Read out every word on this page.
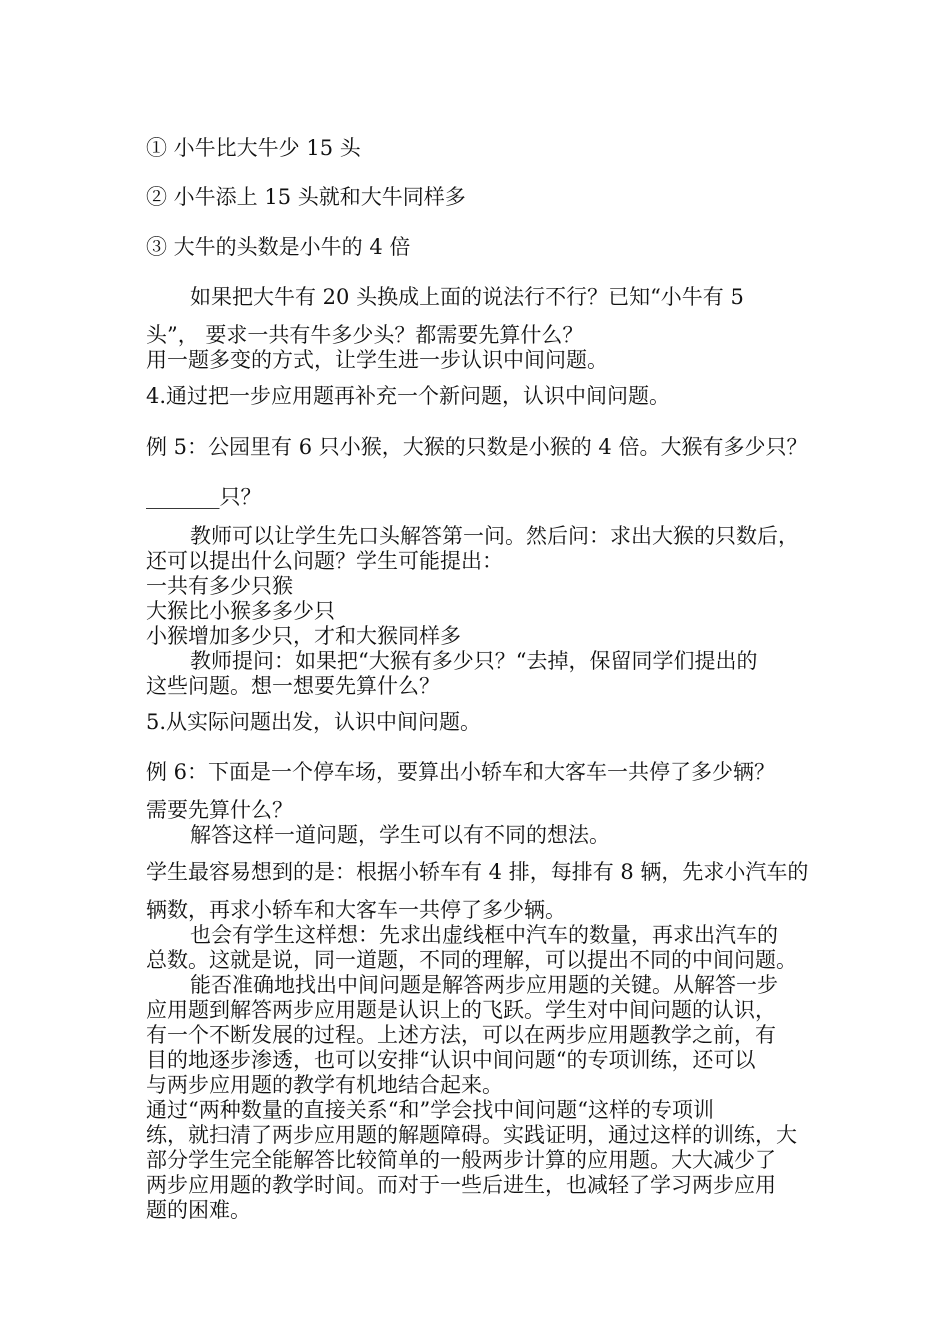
① 小牛比大牛少 15 头
② 小牛添上 15 头就和大牛同样多
③ 大牛的头数是小牛的 4 倍
如果把大牛有 20 头换成上面的说法行不行？已知“小牛有 5
头”， 要求一共有牛多少头？都需要先算什么？
用一题多变的方式，让学生进一步认识中间问题。
4.通过把一步应用题再补充一个新问题，认识中间问题。
例 5：公园里有 6 只小猴，大猴的只数是小猴的 4 倍。大猴有多少只？
_______只？
教师可以让学生先口头解答第一问。然后问：求出大猴的只数后，
还可以提出什么问题？学生可能提出：
一共有多少只猴
大猴比小猴多多少只
小猴增加多少只，才和大猴同样多
教师提问：如果把“大猴有多少只？“去掉，保留同学们提出的
这些问题。想一想要先算什么？
5.从实际问题出发，认识中间问题。
例 6：下面是一个停车场，要算出小轿车和大客车一共停了多少辆？
需要先算什么？
解答这样一道问题，学生可以有不同的想法。
学生最容易想到的是：根据小轿车有 4 排，每排有 8 辆，先求小汽车的
辆数，再求小轿车和大客车一共停了多少辆。
也会有学生这样想：先求出虚线框中汽车的数量，再求出汽车的
总数。这就是说，同一道题，不同的理解，可以提出不同的中间问题。
能否准确地找出中间问题是解答两步应用题的关键。从解答一步
应用题到解答两步应用题是认识上的飞跃。学生对中间问题的认识，
有一个不断发展的过程。上述方法，可以在两步应用题教学之前，有
目的地逐步渗透，也可以安排“认识中间问题“的专项训练，还可以
与两步应用题的教学有机地结合起来。
通过“两种数量的直接关系“和”学会找中间问题“这样的专项训
练，就扫清了两步应用题的解题障碍。实践证明，通过这样的训练，大
部分学生完全能解答比较简单的一般两步计算的应用题。大大减少了
两步应用题的教学时间。而对于一些后进生，也减轻了学习两步应用
题的困难。
